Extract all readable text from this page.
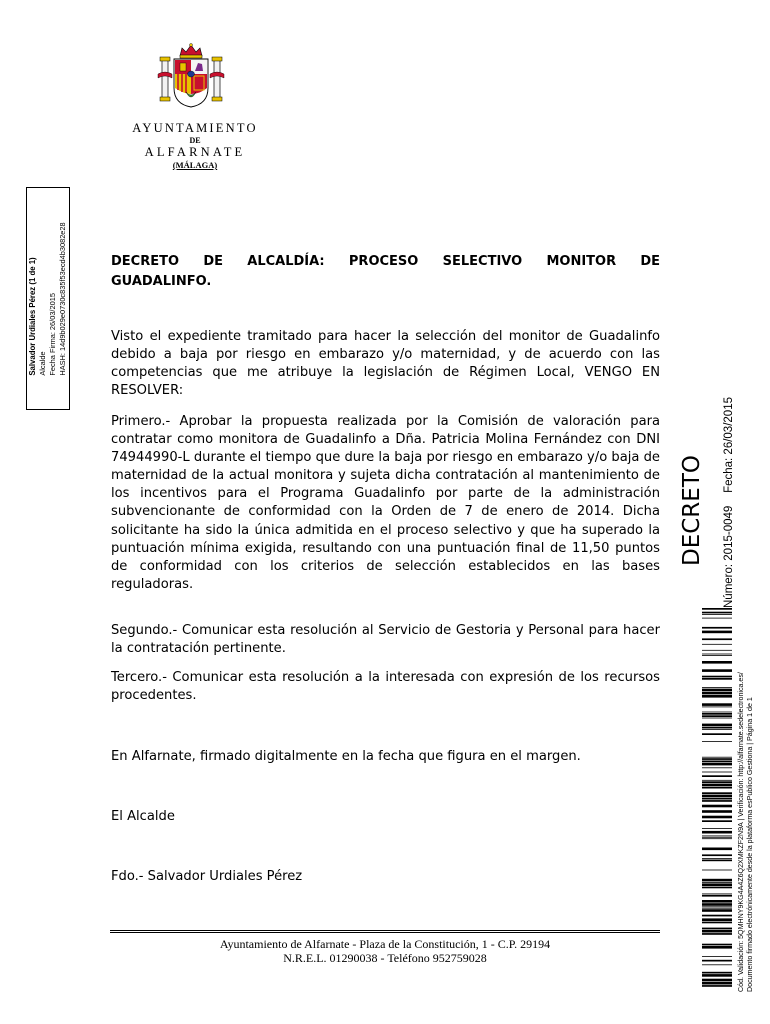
AYUNTAMIENTO
DE
ALFARNATE
(MÁLAGA)
Salvador Urdiales Pérez (1 de 1) Alcalde Fecha Firma: 26/03/2015 HASH: 14d9b029e0730c835f53ecd4b3082e28	DECRETO DE ALCALDÍA: PROCESO SELECTIVO MONITOR DE
GUADALINFO.

Visto el expediente tramitado para hacer la selección del monitor de Guadalinfo debido a baja por riesgo en embarazo y/o maternidad, y de acuerdo con las competencias que me atribuye la legislación de Régimen Local, VENGO EN RESOLVER:

Primero.- Aprobar la propuesta realizada por la Comisión de valoración para contratar como monitora de Guadalinfo a Dña. Patricia Molina Fernández con DNI 74944990-L durante el tiempo que dure la baja por riesgo en embarazo y/o baja de maternidad de la actual monitora y sujeta dicha contratación al mantenimiento de los incentivos para el Programa Guadalinfo por parte de la administración subvencionante de conformidad con la Orden de 7 de enero de 2014. Dicha solicitante ha sido la única admitida en el proceso selectivo y que ha superado la puntuación mínima exigida, resultando con una puntuación final de 11,50 puntos de conformidad con los criterios de selección establecidos en las bases reguladoras.

Segundo.- Comunicar esta resolución al Servicio de Gestoria y Personal para hacer la contratación pertinente.

Tercero.- Comunicar esta resolución a la interesada con expresión de los recursos procedentes.

En Alfarnate, firmado digitalmente en la fecha que figura en el margen.

El Alcalde

Fdo.- Salvador Urdiales Pérez

Ayuntamiento de Alfarnate - Plaza de la Constitución, 1 - C.P. 29194
N.R.E.L. 01290038 - Teléfono 952759028
DECRETO Número: 2015-0049    Fecha: 26/03/2015
Cód. Validación: 5QMHNY9KG4A4Z6Q2XMKZF2N9A | Verificación: http://alfarnate.sedelectronica.es/ Documento firmado electrónicamente desde la plataforma esPublico Gestiona | Página 1 de 1
